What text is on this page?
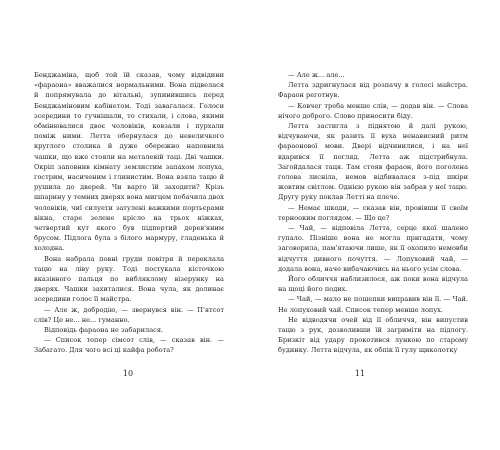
Бенджаміна, щоб той їй сказав, чому відвідини «фараона» вважалися нормальними. Вона підвелася й попрямувала до вітальні, зупинившись перед Бенджаміновим кабінетом. Тоді завагалася. Голоси зсередини то гучнішали, то стихали, і слова, якими обмінювалися двоє чоловіків, ковзали і пурхали поміж ними. Летта обернулася до невеличкого круглого столика й дуже обережно наповнила чашки, що вже стояли на металевій таці. Дві чашки. Окріп заповнив кімнату землистим запахом лопуха, гострим, насиченим і глинистим. Вона взяла тацю й рушила до дверей. Чи варто їй заходити? Крізь шпарину у темних дверях вона мигцем побачила двох чоловіків, чиї силуети затулені важкими портьєрами вікна, старе зелене крісло на трьох ніжках, четвертий кут якого був підпертий дерев'яним брусом. Підлога була з білого мармуру, гладенька й холодна.

Вона набрала повні груди повітря й переклала тацю на ліву руку. Тоді постукала кісточкою вказівного пальця по вибляклому візерунку на дверях. Чашки захиталися. Вона чула, як долинає зсередини голос її майстра.

— Але ж, добродію, — звернувся він. — П'ятсот слів? Це не... не... гуманно.

Відповідь фараона не забарилася.

— Список тепер сімсот слів, — сказав він. — Забагато. Для чого всі ці кайфа робота?

10

— Але ж... але...

Летта здригнулася від розпачу в голосі майстра. Фараон реготнув.

— Ковчег треба менше слів, — додав він. — Слова нічого доброго. Слово приносити біду.

Летта застигла з піднятою й далі рукою, відчуваючи, як разить її вуха ненависний ритм фараонової мови. Двері відчинилися, і на неї вдарився її погляд. Летта аж підстрибнула. Загойдалася таця. Там стояв фараон, його поголена голова лисніла, немов відбивалася з-під шкіри жовтим світлом. Однією рукою він забрав у неї тацю. Другу руку поклав Летті на плече.

— Немає шкоди, — сказав він, провівши її своїм тернооким поглядом. — Що це?

— Чай, — відповіла Летта, серце якої шалено гупало. Пізніше вона не могла пригадати, чому заговорила, пам'ятаючи лише, як її охопило немовби відчуття дивного почуття. — Лопуховий чай, — додала вона, наче вибачаючись на нього усім слова.

Його обличчя наблизилося, аж поки вона відчула на щоці його подих.

— Чай, — мало не пошепки виправив він її. — Чай. Не лопуховий чай. Список тепер менше лопух.

Не відводячи очей від її обличчя, він випустив тацю з рук, дозволивши їй загриміти на підлогу. Бризкіт від удару прокотився лункою по старому будинку. Летта відчула, як обпік її гулу щиколотку

11
